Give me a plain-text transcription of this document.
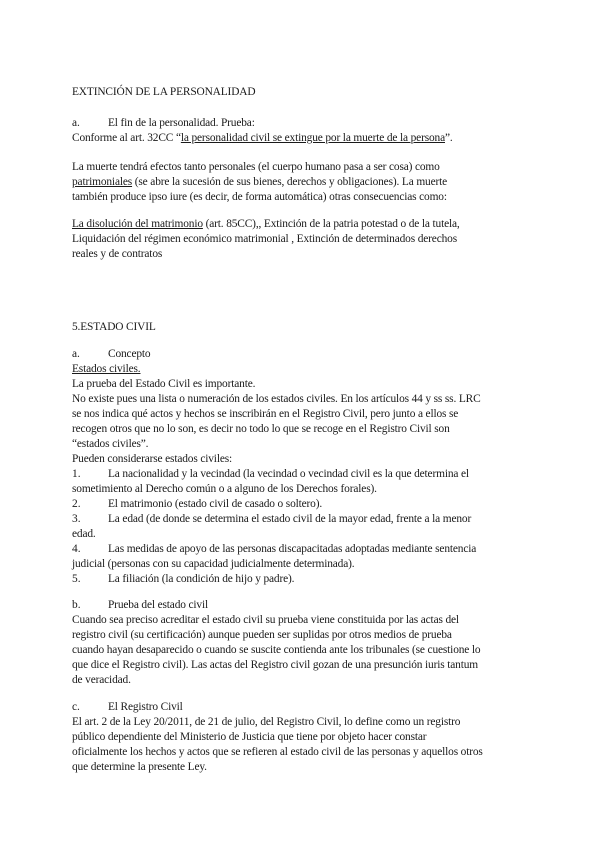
EXTINCIÓN DE LA PERSONALIDAD
a. El fin de la personalidad. Prueba:
Conforme al art. 32CC “la personalidad civil se extingue por la muerte de la persona”.
La muerte tendrá efectos tanto personales (el cuerpo humano pasa a ser cosa) como
patrimoniales (se abre la sucesión de sus bienes, derechos y obligaciones). La muerte
también produce ipso iure (es decir, de forma automática) otras consecuencias como:
La disolución del matrimonio (art. 85CC),, Extinción de la patria potestad o de la tutela,
Liquidación del régimen económico matrimonial , Extinción de determinados derechos
reales y de contratos
5.ESTADO CIVIL
a. Concepto
Estados civiles.
La prueba del Estado Civil es importante.
No existe pues una lista o numeración de los estados civiles. En los artículos 44 y ss ss. LRC
se nos indica qué actos y hechos se inscribirán en el Registro Civil, pero junto a ellos se
recogen otros que no lo son, es decir no todo lo que se recoge en el Registro Civil son
“estados civiles”.
Pueden considerarse estados civiles:
1. La nacionalidad y la vecindad (la vecindad o vecindad civil es la que determina el
sometimiento al Derecho común o a alguno de los Derechos forales).
2. El matrimonio (estado civil de casado o soltero).
3. La edad (de donde se determina el estado civil de la mayor edad, frente a la menor
edad.
4. Las medidas de apoyo de las personas discapacitadas adoptadas mediante sentencia
judicial (personas con su capacidad judicialmente determinada).
5. La filiación (la condición de hijo y padre).
b. Prueba del estado civil
Cuando sea preciso acreditar el estado civil su prueba viene constituida por las actas del
registro civil (su certificación) aunque pueden ser suplidas por otros medios de prueba
cuando hayan desaparecido o cuando se suscite contienda ante los tribunales (se cuestione lo
que dice el Registro civil). Las actas del Registro civil gozan de una presunción iuris tantum
de veracidad.
c. El Registro Civil
El art. 2 de la Ley 20/2011, de 21 de julio, del Registro Civil, lo define como un registro
público dependiente del Ministerio de Justicia que tiene por objeto hacer constar
oficialmente los hechos y actos que se refieren al estado civil de las personas y aquellos otros
que determine la presente Ley.
